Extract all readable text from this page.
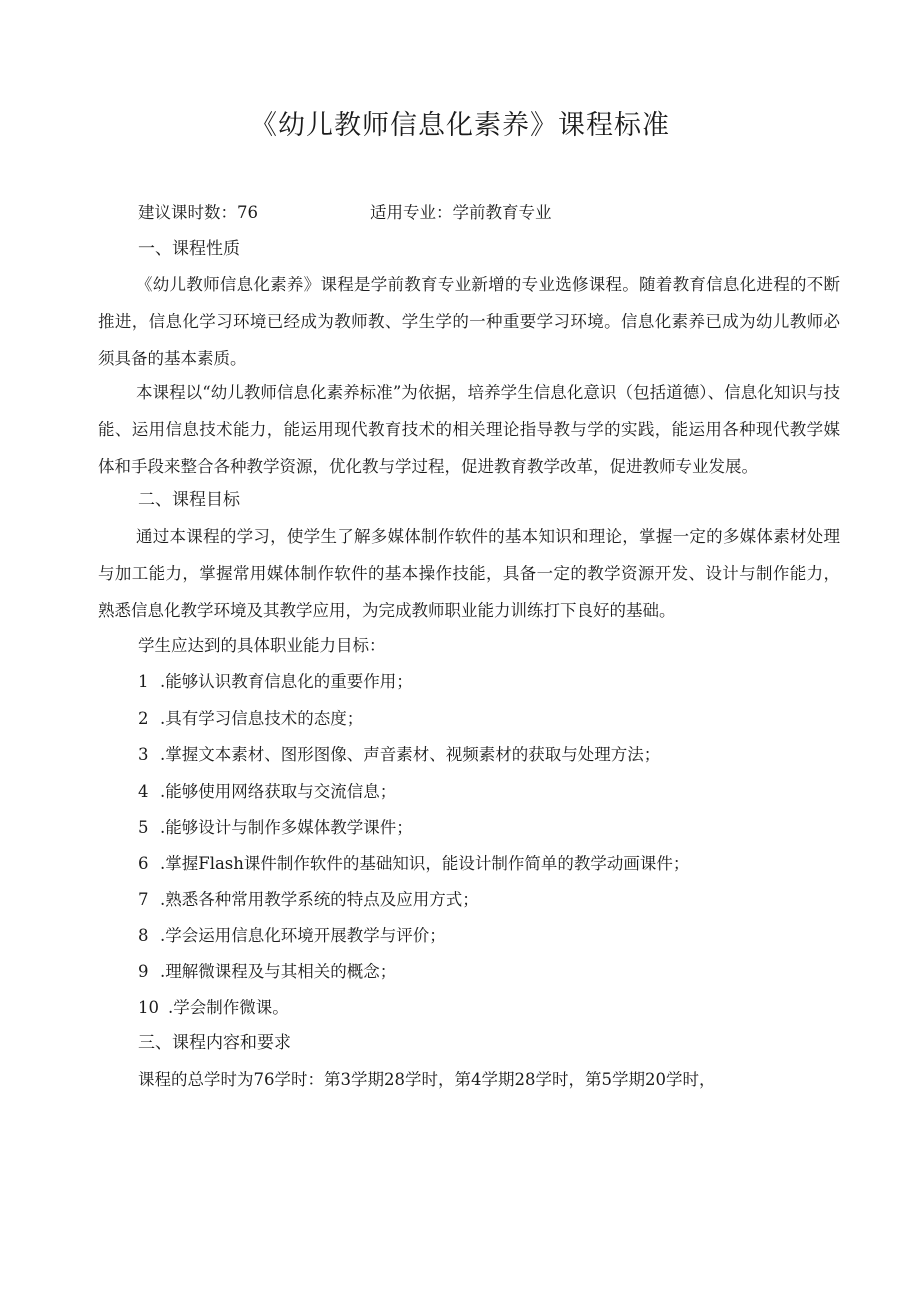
《幼儿教师信息化素养》课程标准
建议课时数：76	适用专业：学前教育专业
一、课程性质
《幼儿教师信息化素养》课程是学前教育专业新增的专业选修课程。随着教育信息化进程的不断推进，信息化学习环境已经成为教师教、学生学的一种重要学习环境。信息化素养已成为幼儿教师必须具备的基本素质。
本课程以“幼儿教师信息化素养标准”为依据，培养学生信息化意识（包括道德）、信息化知识与技能、运用信息技术能力，能运用现代教育技术的相关理论指导教与学的实践，能运用各种现代教学媒体和手段来整合各种教学资源，优化教与学过程，促进教育教学改革，促进教师专业发展。
二、课程目标
通过本课程的学习，使学生了解多媒体制作软件的基本知识和理论，掌握一定的多媒体素材处理与加工能力，掌握常用媒体制作软件的基本操作技能，具备一定的教学资源开发、设计与制作能力，熟悉信息化教学环境及其教学应用，为完成教师职业能力训练打下良好的基础。
学生应达到的具体职业能力目标：
1 .能够认识教育信息化的重要作用；
2 .具有学习信息技术的态度；
3 .掌握文本素材、图形图像、声音素材、视频素材的获取与处理方法；
4 .能够使用网络获取与交流信息；
5 .能够设计与制作多媒体教学课件；
6 .掌握Flash课件制作软件的基础知识，能设计制作简单的教学动画课件；
7 .熟悉各种常用教学系统的特点及应用方式；
8 .学会运用信息化环境开展教学与评价；
9 .理解微课程及与其相关的概念；
10 .学会制作微课。
三、课程内容和要求
课程的总学时为76学时：第3学期28学时，第4学期28学时，第5学期20学时，
